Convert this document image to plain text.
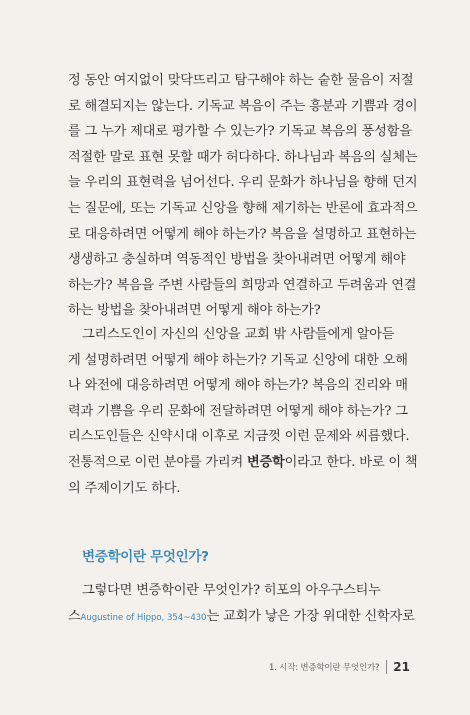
정 동안 여지없이 맞닥뜨리고 탐구해야 하는 숱한 물음이 저절
로 해결되지는 않는다. 기독교 복음이 주는 흥분과 기쁨과 경이
를 그 누가 제대로 평가할 수 있는가? 기독교 복음의 풍성함을
적절한 말로 표현 못할 때가 허다하다. 하나님과 복음의 실체는
늘 우리의 표현력을 넘어선다. 우리 문화가 하나님을 향해 던지
는 질문에, 또는 기독교 신앙을 향해 제기하는 반론에 효과적으
로 대응하려면 어떻게 해야 하는가? 복음을 설명하고 표현하는
생생하고 충실하며 역동적인 방법을 찾아내려면 어떻게 해야
하는가? 복음을 주변 사람들의 희망과 연결하고 두려움과 연결
하는 방법을 찾아내려면 어떻게 해야 하는가?
그리스도인이 자신의 신앙을 교회 밖 사람들에게 알아듣
게 설명하려면 어떻게 해야 하는가? 기독교 신앙에 대한 오해
나 와전에 대응하려면 어떻게 해야 하는가? 복음의 진리와 매
력과 기쁨을 우리 문화에 전달하려면 어떻게 해야 하는가? 그
리스도인들은 신약시대 이후로 지금껏 이런 문제와 씨름했다.
전통적으로 이런 분야를 가리켜 변증학이라고 한다. 바로 이 책
의 주제이기도 하다.
변증학이란 무엇인가?
그렇다면 변증학이란 무엇인가? 히포의 아우구스티누
스Augustine of Hippo, 354~430는 교회가 낳은 가장 위대한 신학자로
1. 시작: 변증학이란 무엇인가? 21
